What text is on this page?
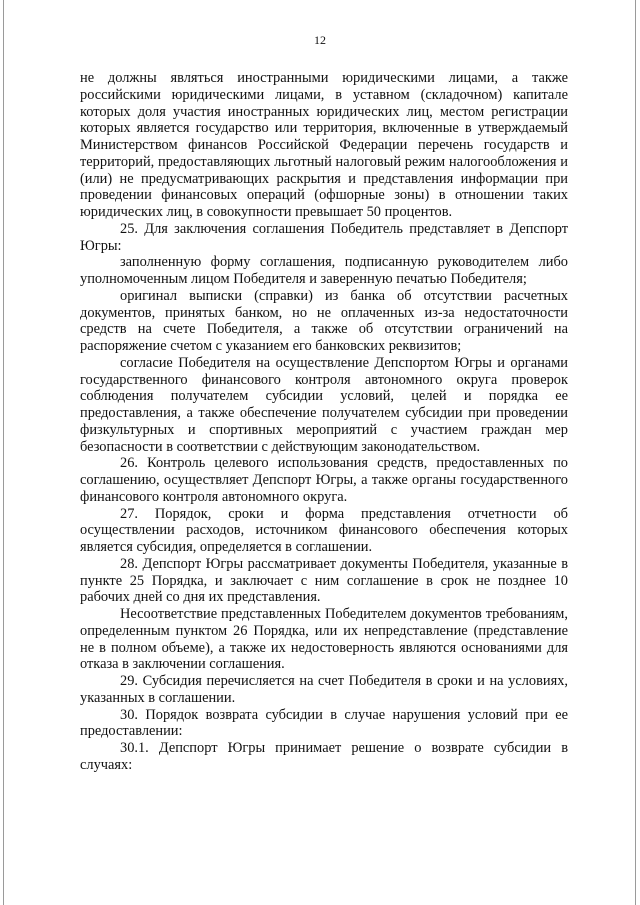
12

не должны являться иностранными юридическими лицами, а также российскими юридическими лицами, в уставном (складочном) капитале которых доля участия иностранных юридических лиц, местом регистрации которых является государство или территория, включенные в утверждаемый Министерством финансов Российской Федерации перечень государств и территорий, предоставляющих льготный налоговый режим налогообложения и (или) не предусматривающих раскрытия и представления информации при проведении финансовых операций (офшорные зоны) в отношении таких юридических лиц, в совокупности превышает 50 процентов.

25. Для заключения соглашения Победитель представляет в Депспорт Югры:

заполненную форму соглашения, подписанную руководителем либо уполномоченным лицом Победителя и заверенную печатью Победителя;

оригинал выписки (справки) из банка об отсутствии расчетных документов, принятых банком, но не оплаченных из-за недостаточности средств на счете Победителя, а также об отсутствии ограничений на распоряжение счетом с указанием его банковских реквизитов;

согласие Победителя на осуществление Депспортом Югры и органами государственного финансового контроля автономного округа проверок соблюдения получателем субсидии условий, целей и порядка ее предоставления, а также обеспечение получателем субсидии при проведении физкультурных и спортивных мероприятий с участием граждан мер безопасности в соответствии с действующим законодательством.

26. Контроль целевого использования средств, предоставленных по соглашению, осуществляет Депспорт Югры, а также органы государственного финансового контроля автономного округа.

27. Порядок, сроки и форма представления отчетности об осуществлении расходов, источником финансового обеспечения которых является субсидия, определяется в соглашении.

28. Депспорт Югры рассматривает документы Победителя, указанные в пункте 25 Порядка, и заключает с ним соглашение в срок не позднее 10 рабочих дней со дня их представления.

Несоответствие представленных Победителем документов требованиям, определенным пунктом 26 Порядка, или их непредставление (представление не в полном объеме), а также их недостоверность являются основаниями для отказа в заключении соглашения.

29. Субсидия перечисляется на счет Победителя в сроки и на условиях, указанных в соглашении.

30. Порядок возврата субсидии в случае нарушения условий при ее предоставлении:

30.1. Депспорт Югры принимает решение о возврате субсидии в случаях:
